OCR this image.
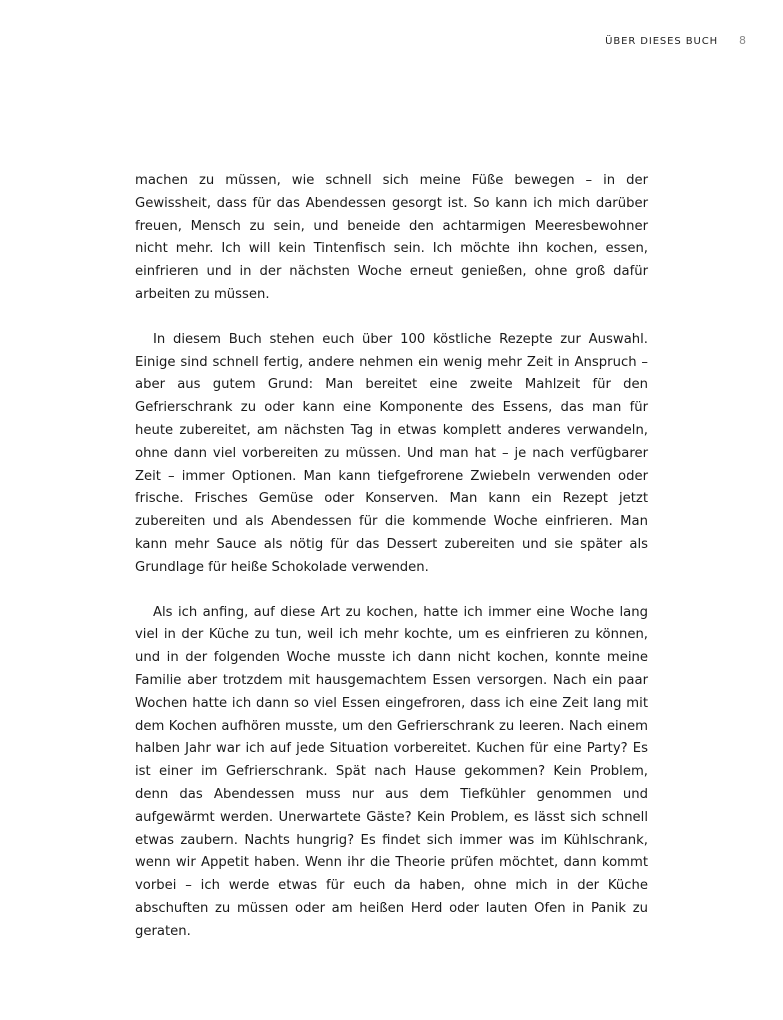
ÜBER DIESES BUCH 8

machen zu müssen, wie schnell sich meine Füße bewegen – in der Gewissheit, dass für das Abendessen gesorgt ist. So kann ich mich darüber freuen, Mensch zu sein, und beneide den achtarmigen Meeresbewohner nicht mehr. Ich will kein Tintenfisch sein. Ich möchte ihn kochen, essen, einfrieren und in der nächsten Woche erneut genießen, ohne groß dafür arbeiten zu müssen.

In diesem Buch stehen euch über 100 köstliche Rezepte zur Auswahl. Einige sind schnell fertig, andere nehmen ein wenig mehr Zeit in Anspruch – aber aus gutem Grund: Man bereitet eine zweite Mahlzeit für den Gefrierschrank zu oder kann eine Komponente des Essens, das man für heute zubereitet, am nächsten Tag in etwas komplett anderes verwandeln, ohne dann viel vorbereiten zu müssen. Und man hat – je nach verfügbarer Zeit – immer Optionen. Man kann tiefgefrorene Zwiebeln verwenden oder frische. Frisches Gemüse oder Konserven. Man kann ein Rezept jetzt zubereiten und als Abendessen für die kommende Woche einfrieren. Man kann mehr Sauce als nötig für das Dessert zubereiten und sie später als Grundlage für heiße Schokolade verwenden.

Als ich anfing, auf diese Art zu kochen, hatte ich immer eine Woche lang viel in der Küche zu tun, weil ich mehr kochte, um es einfrieren zu können, und in der folgenden Woche musste ich dann nicht kochen, konnte meine Familie aber trotzdem mit hausgemachtem Essen versorgen. Nach ein paar Wochen hatte ich dann so viel Essen eingefroren, dass ich eine Zeit lang mit dem Kochen aufhören musste, um den Gefrierschrank zu leeren. Nach einem halben Jahr war ich auf jede Situation vorbereitet. Kuchen für eine Party? Es ist einer im Gefrierschrank. Spät nach Hause gekommen? Kein Problem, denn das Abendessen muss nur aus dem Tiefkühler genommen und aufgewärmt werden. Unerwartete Gäste? Kein Problem, es lässt sich schnell etwas zaubern. Nachts hungrig? Es findet sich immer was im Kühlschrank, wenn wir Appetit haben. Wenn ihr die Theorie prüfen möchtet, dann kommt vorbei – ich werde etwas für euch da haben, ohne mich in der Küche abschuften zu müssen oder am heißen Herd oder lauten Ofen in Panik zu geraten.
